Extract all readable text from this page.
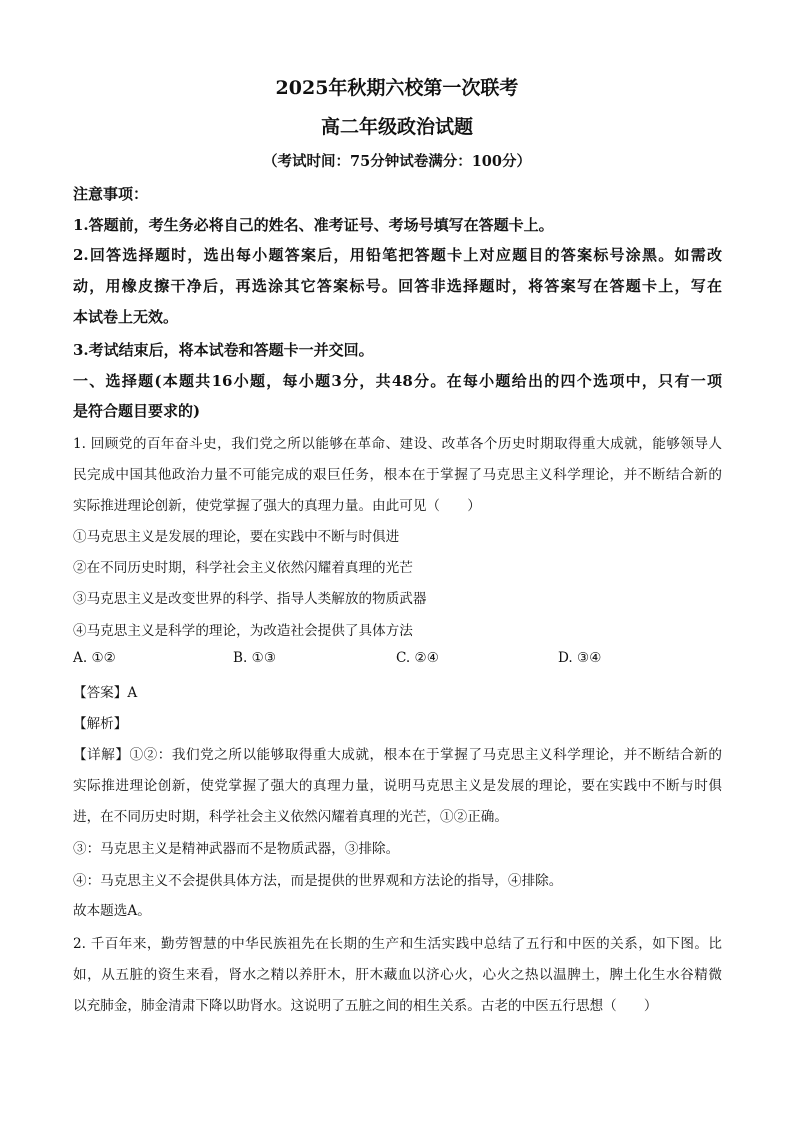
2025年秋期六校第一次联考
高二年级政治试题
（考试时间：75分钟试卷满分：100分）
注意事项：
1.答题前，考生务必将自己的姓名、准考证号、考场号填写在答题卡上。
2.回答选择题时，选出每小题答案后，用铅笔把答题卡上对应题目的答案标号涂黑。如需改
动，用橡皮擦干净后，再选涂其它答案标号。回答非选择题时，将答案写在答题卡上，写在
本试卷上无效。
3.考试结束后，将本试卷和答题卡一并交回。
一、选择题(本题共16小题，每小题3分，共48分。在每小题给出的四个选项中，只有一项
是符合题目要求的)
1. 回顾党的百年奋斗史，我们党之所以能够在革命、建设、改革各个历史时期取得重大成就，能够领导人
民完成中国其他政治力量不可能完成的艰巨任务，根本在于掌握了马克思主义科学理论，并不断结合新的
实际推进理论创新，使党掌握了强大的真理力量。由此可见（　　）
①马克思主义是发展的理论，要在实践中不断与时俱进
②在不同历史时期，科学社会主义依然闪耀着真理的光芒
③马克思主义是改变世界的科学、指导人类解放的物质武器
④马克思主义是科学的理论，为改造社会提供了具体方法
A. ①②	B. ①③	C. ②④	D. ③④
【答案】A
【解析】
【详解】①②：我们党之所以能够取得重大成就，根本在于掌握了马克思主义科学理论，并不断结合新的
实际推进理论创新，使党掌握了强大的真理力量，说明马克思主义是发展的理论，要在实践中不断与时俱
进，在不同历史时期，科学社会主义依然闪耀着真理的光芒，①②正确。
③：马克思主义是精神武器而不是物质武器，③排除。
④：马克思主义不会提供具体方法，而是提供的世界观和方法论的指导，④排除。
故本题选A。
2. 千百年来，勤劳智慧的中华民族祖先在长期的生产和生活实践中总结了五行和中医的关系，如下图。比
如，从五脏的资生来看，肾水之精以养肝木，肝木藏血以济心火，心火之热以温脾土，脾土化生水谷精微
以充肺金，肺金清肃下降以助肾水。这说明了五脏之间的相生关系。古老的中医五行思想（　　）
